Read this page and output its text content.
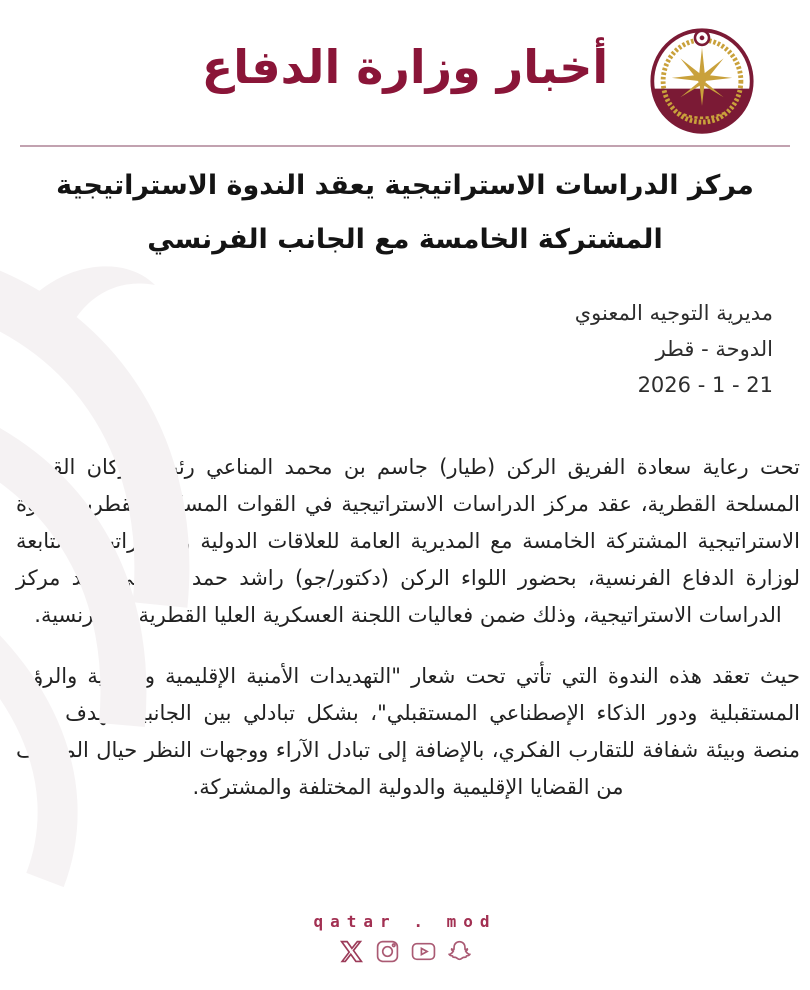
أخبار وزارة الدفاع
مركز الدراسات الاستراتيجية يعقد الندوة الاستراتيجية المشتركة الخامسة مع الجانب الفرنسي
مديرية التوجيه المعنوي
الدوحة - قطر
21 - 1 - 2026

تحت رعاية سعادة الفريق الركن (طيار) جاسم بن محمد المناعي رئيس أركان القوات المسلحة القطرية، عقد مركز الدراسات الاستراتيجية في القوات المسلحة القطرية الندوة الاستراتيجية المشتركة الخامسة مع المديرية العامة للعلاقات الدولية والاستراتيجية التابعة لوزارة الدفاع الفرنسية، بحضور اللواء الركن (دكتور/جو) راشد حمد النعيمي قائد مركز الدراسات الاستراتيجية، وذلك ضمن فعاليات اللجنة العسكرية العليا القطرية - الفرنسية.

حيث تعقد هذه الندوة التي تأتي تحت شعار "التهديدات الأمنية الإقليمية والدولية والرؤية المستقبلية ودور الذكاء الإصطناعي المستقبلي"، بشكل تبادلي بين الجانبين بهدف خلق منصة وبيئة شفافة للتقارب الفكري، بالإضافة إلى تبادل الآراء ووجهات النظر حيال المواقف من القضايا الإقليمية والدولية المختلفة والمشتركة.

qatar . mod
